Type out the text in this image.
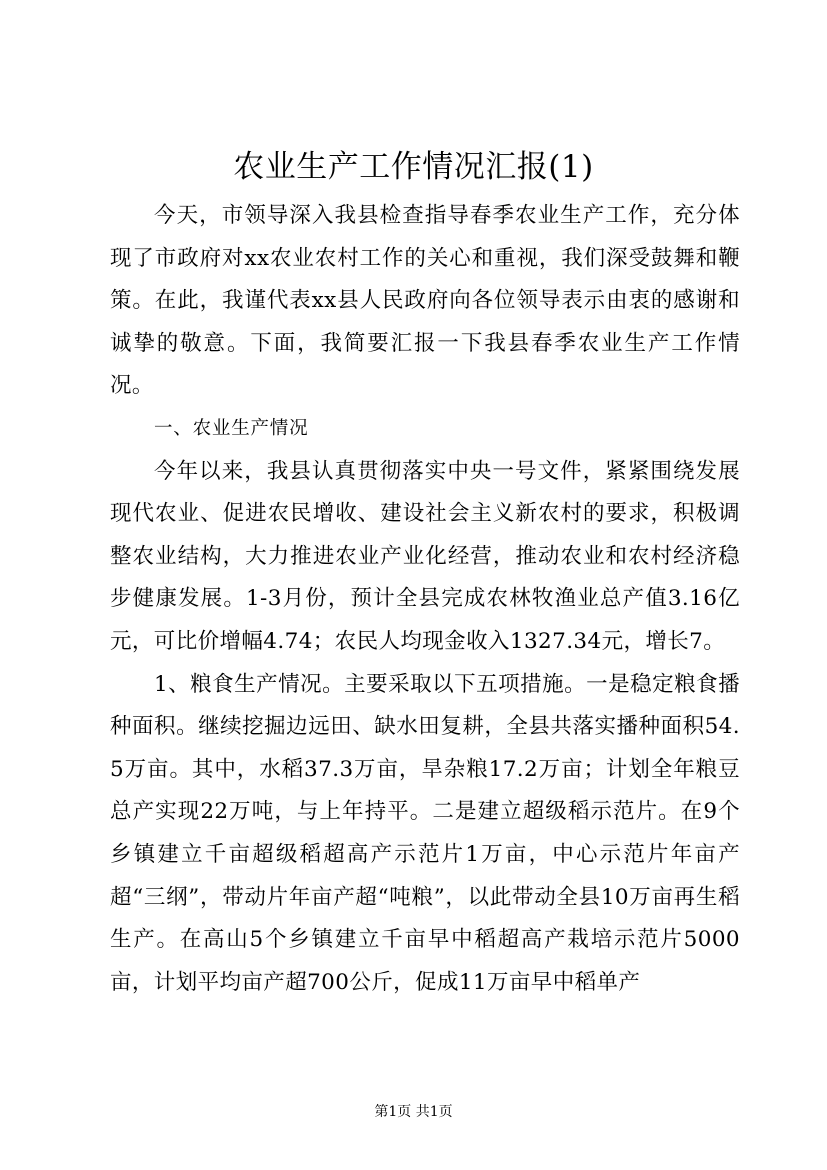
农业生产工作情况汇报(1)

今天，市领导深入我县检查指导春季农业生产工作，充分体现了市政府对xx农业农村工作的关心和重视，我们深受鼓舞和鞭策。在此，我谨代表xx县人民政府向各位领导表示由衷的感谢和诚挚的敬意。下面，我简要汇报一下我县春季农业生产工作情况。

一、农业生产情况

今年以来，我县认真贯彻落实中央一号文件，紧紧围绕发展现代农业、促进农民增收、建设社会主义新农村的要求，积极调整农业结构，大力推进农业产业化经营，推动农业和农村经济稳步健康发展。1-3月份，预计全县完成农林牧渔业总产值3.16亿元，可比价增幅4.74；农民人均现金收入1327.34元，增长7。

1、粮食生产情况。主要采取以下五项措施。一是稳定粮食播种面积。继续挖掘边远田、缺水田复耕，全县共落实播种面积54.5万亩。其中，水稻37.3万亩，旱杂粮17.2万亩；计划全年粮豆总产实现22万吨，与上年持平。二是建立超级稻示范片。在9个乡镇建立千亩超级稻超高产示范片1万亩，中心示范片年亩产超“三纲”，带动片年亩产超“吨粮”，以此带动全县10万亩再生稻生产。在高山5个乡镇建立千亩早中稻超高产栽培示范片5000亩，计划平均亩产超700公斤，促成11万亩早中稻单产

第1页 共1页
